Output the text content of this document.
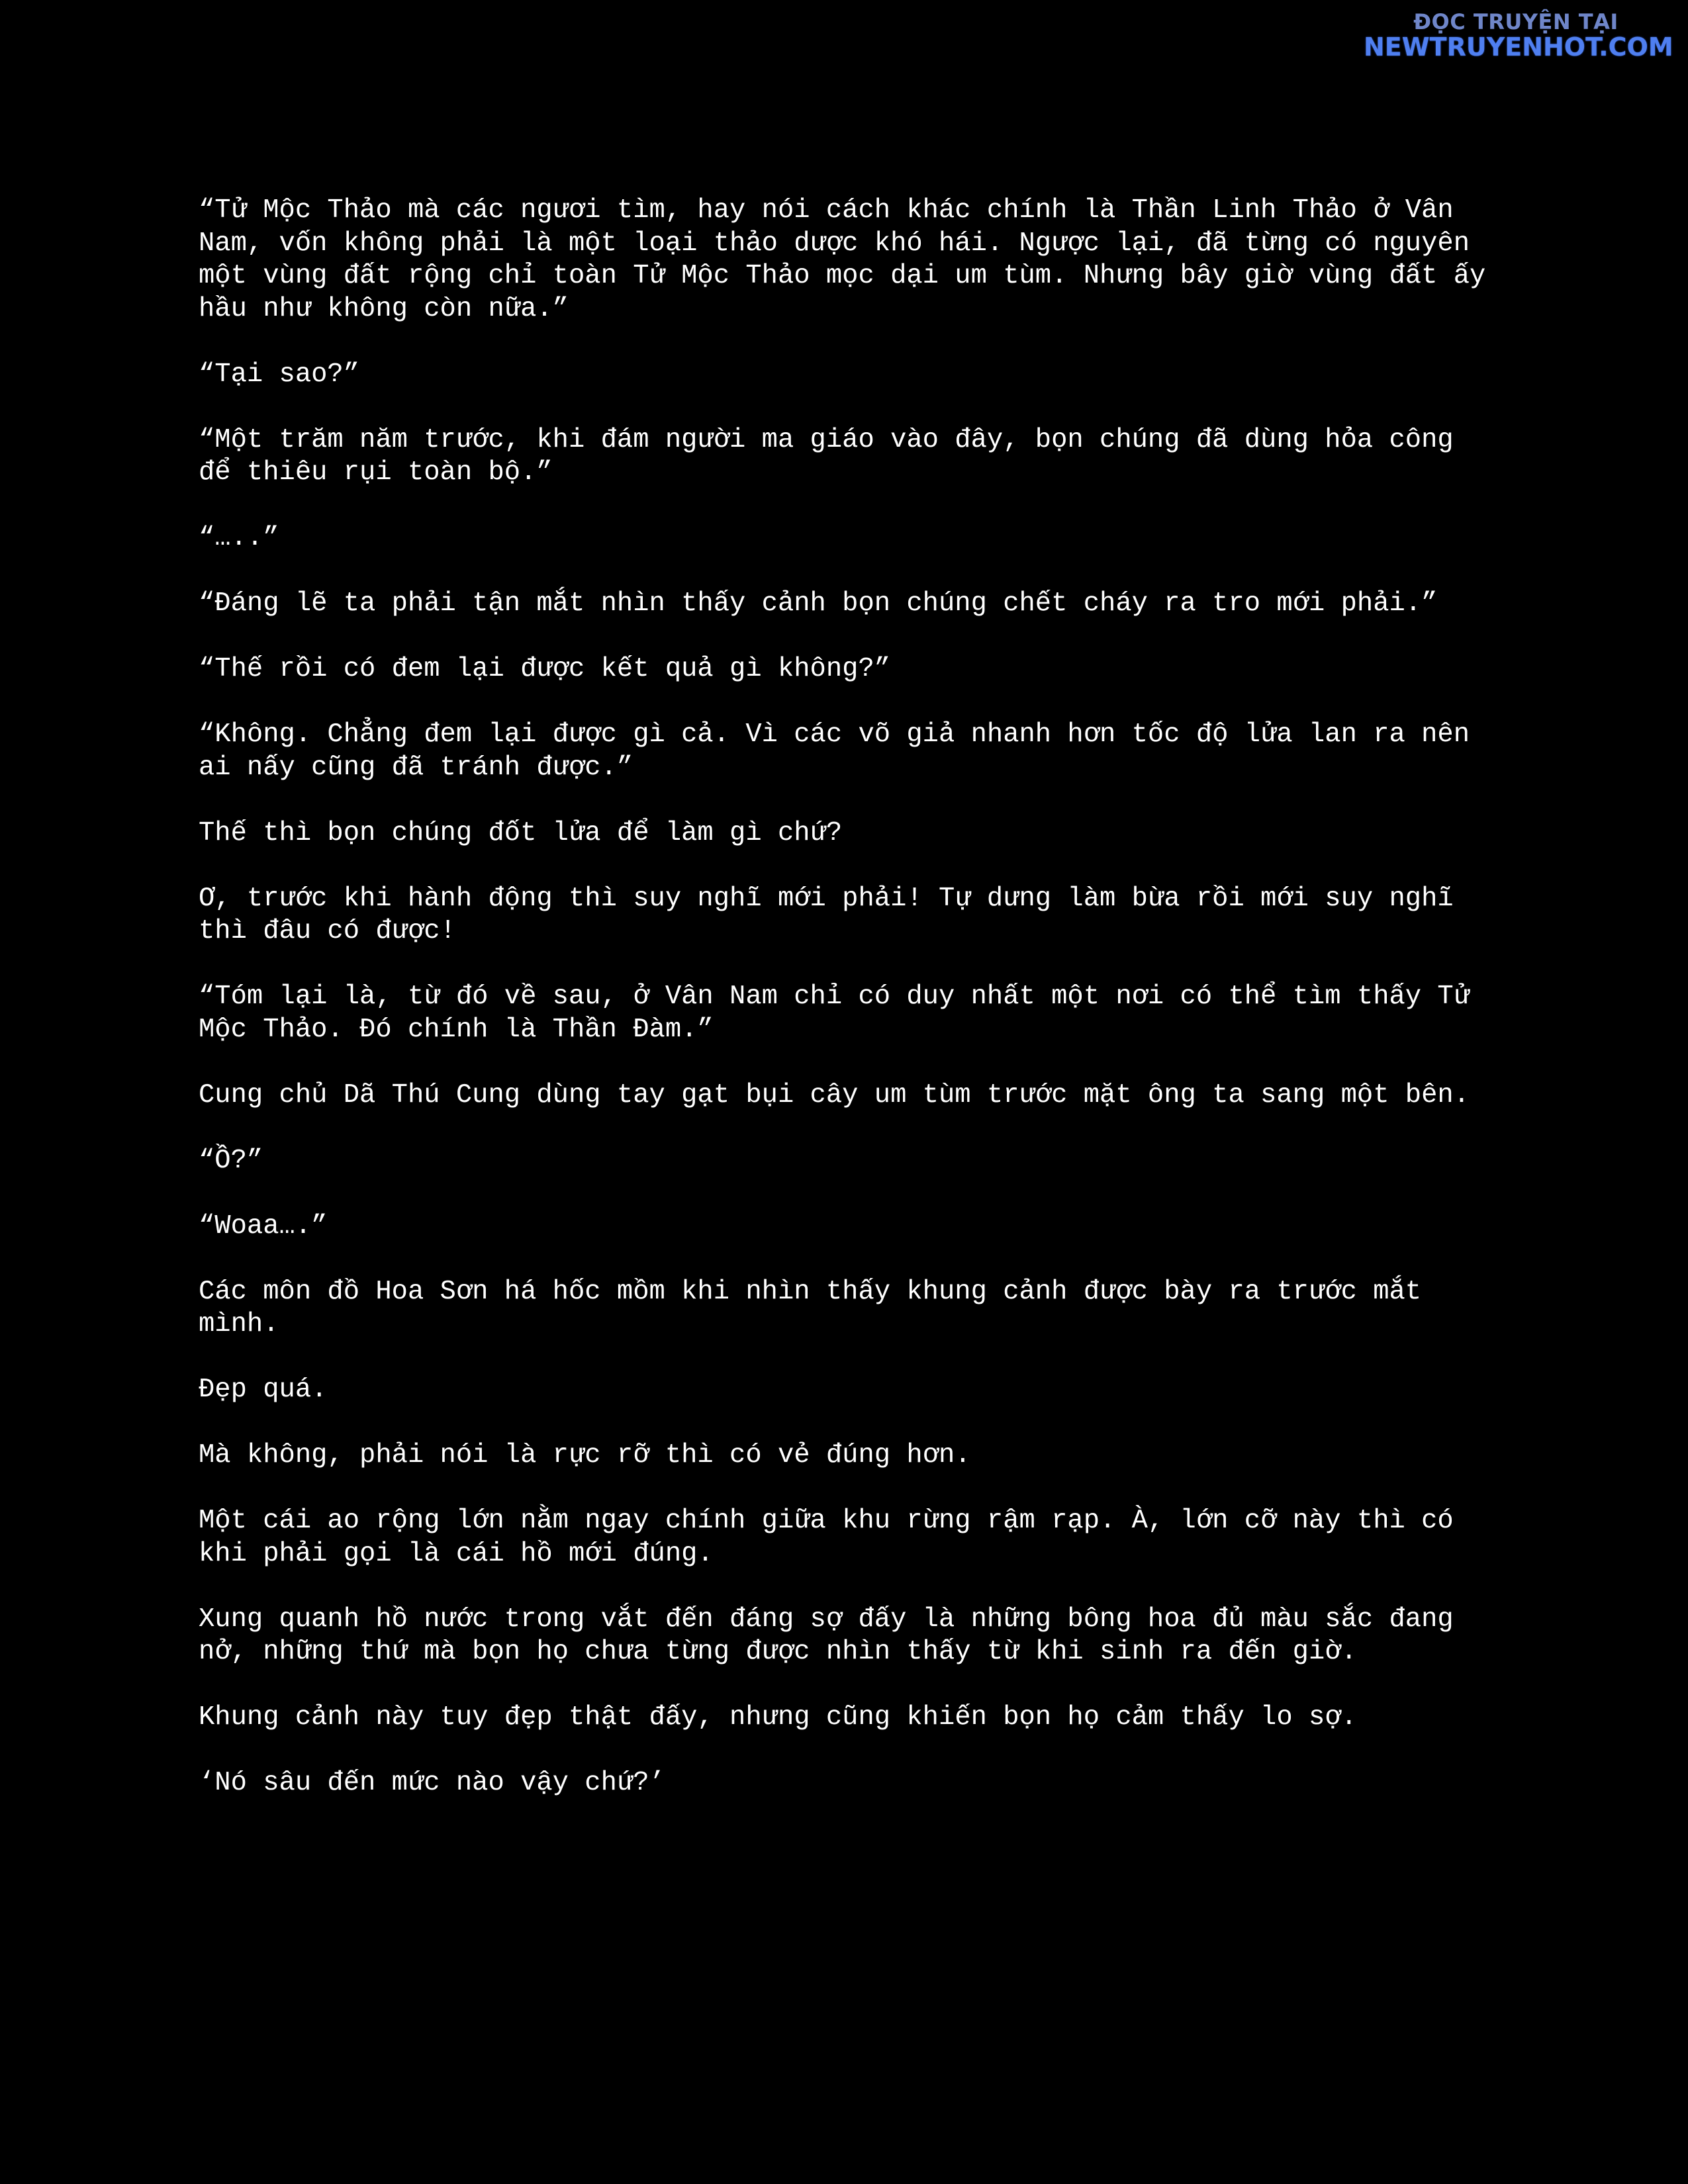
ĐỌC TRUYỆN TẠI
NEWTRUYENHOT.COM

“Tử Mộc Thảo mà các ngươi tìm, hay nói cách khác chính là Thần Linh Thảo ở Vân Nam, vốn không phải là một loại thảo dược khó hái. Ngược lại, đã từng có nguyên một vùng đất rộng chỉ toàn Tử Mộc Thảo mọc dại um tùm. Nhưng bây giờ vùng đất ấy hầu như không còn nữa.”

“Tại sao?”

“Một trăm năm trước, khi đám người ma giáo vào đây, bọn chúng đã dùng hỏa công để thiêu rụi toàn bộ.”

“…..”

“Đáng lẽ ta phải tận mắt nhìn thấy cảnh bọn chúng chết cháy ra tro mới phải.”

“Thế rồi có đem lại được kết quả gì không?”

“Không. Chẳng đem lại được gì cả. Vì các võ giả nhanh hơn tốc độ lửa lan ra nên ai nấy cũng đã tránh được.”

Thế thì bọn chúng đốt lửa để làm gì chứ?

Ơ, trước khi hành động thì suy nghĩ mới phải! Tự dưng làm bừa rồi mới suy nghĩ thì đâu có được!

“Tóm lại là, từ đó về sau, ở Vân Nam chỉ có duy nhất một nơi có thể tìm thấy Tử Mộc Thảo. Đó chính là Thần Đàm.”

Cung chủ Dã Thú Cung dùng tay gạt bụi cây um tùm trước mặt ông ta sang một bên.

“Ồ?”

“Woaa….”

Các môn đồ Hoa Sơn há hốc mồm khi nhìn thấy khung cảnh được bày ra trước mắt mình.

Đẹp quá.

Mà không, phải nói là rực rỡ thì có vẻ đúng hơn.

Một cái ao rộng lớn nằm ngay chính giữa khu rừng rậm rạp. À, lớn cỡ này thì có khi phải gọi là cái hồ mới đúng.

Xung quanh hồ nước trong vắt đến đáng sợ đấy là những bông hoa đủ màu sắc đang nở, những thứ mà bọn họ chưa từng được nhìn thấy từ khi sinh ra đến giờ.

Khung cảnh này tuy đẹp thật đấy, nhưng cũng khiến bọn họ cảm thấy lo sợ.

‘Nó sâu đến mức nào vậy chứ?’
